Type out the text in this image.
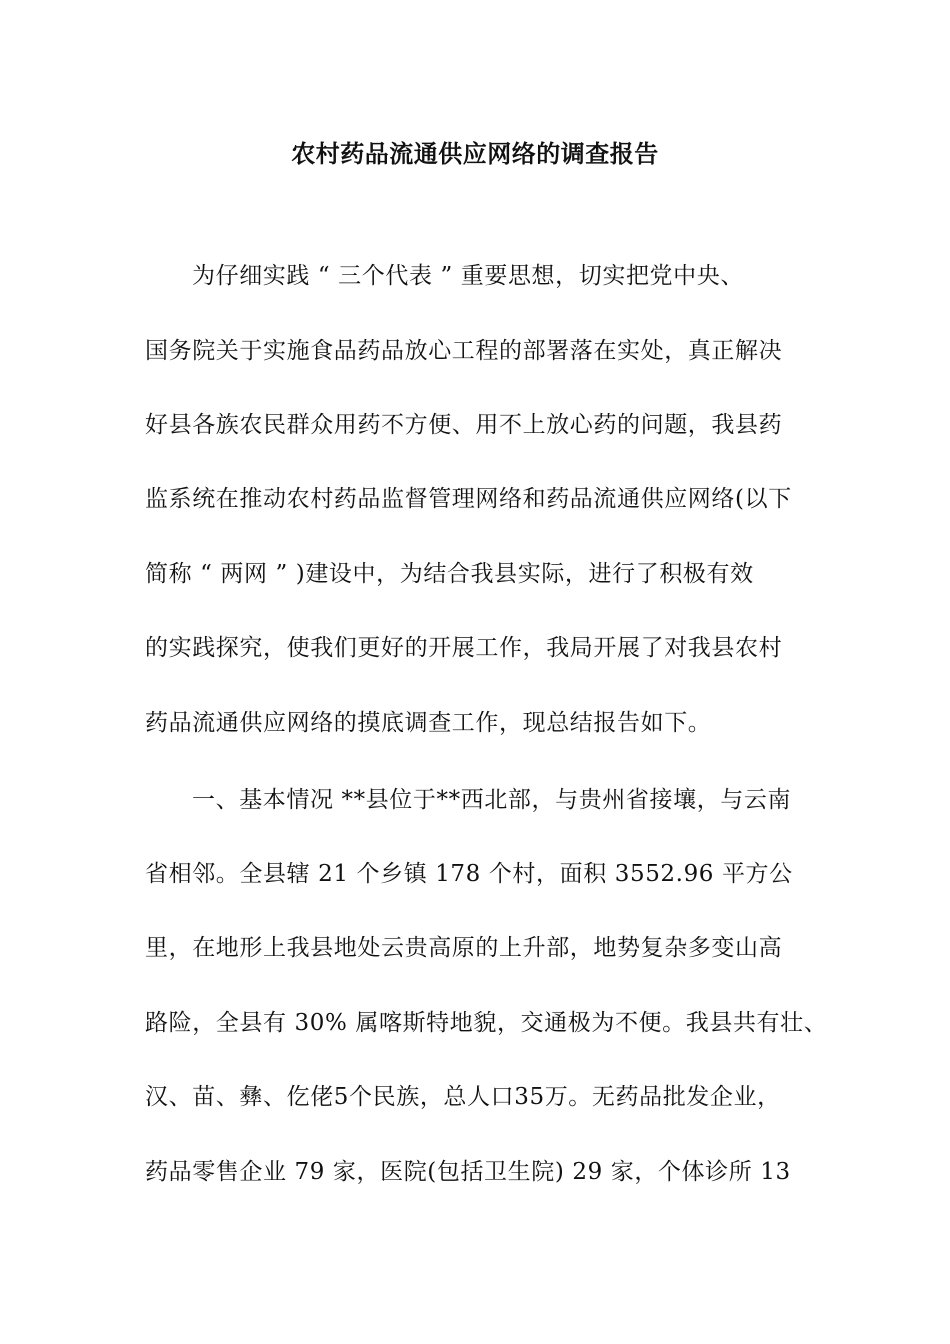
农村药品流通供应网络的调查报告
为仔细实践 “ 三个代表 ” 重要思想，切实把党中央、
国务院关于实施食品药品放心工程的部署落在实处，真正解决
好县各族农民群众用药不方便、用不上放心药的问题，我县药
监系统在推动农村药品监督管理网络和药品流通供应网络(以下
简称 “ 两网 ” )建设中，为结合我县实际，进行了积极有效
的实践探究，使我们更好的开展工作，我局开展了对我县农村
药品流通供应网络的摸底调查工作，现总结报告如下。
一、基本情况 **县位于**西北部，与贵州省接壤，与云南
省相邻。全县辖 21 个乡镇 178 个村，面积 3552.96 平方公
里，在地形上我县地处云贵高原的上升部，地势复杂多变山高
路险，全县有 30% 属喀斯特地貌，交通极为不便。我县共有壮、
汉、苗、彝、仡佬5个民族，总人口35万。无药品批发企业，
药品零售企业 79 家，医院(包括卫生院) 29 家，个体诊所 13
